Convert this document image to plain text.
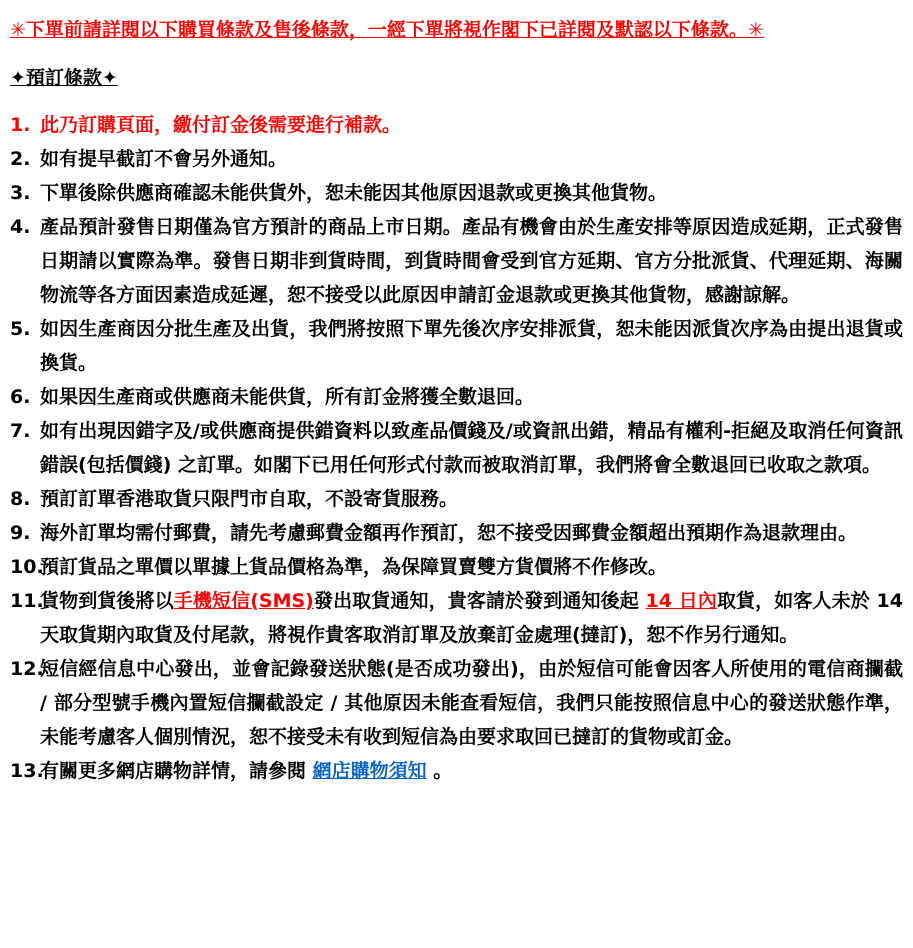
✳下單前請詳閱以下購買條款及售後條款，一經下單將視作閣下已詳閱及默認以下條款。✳
✦預訂條款✦
1. 此乃訂購頁面，繳付訂金後需要進行補款。
2. 如有提早截訂不會另外通知。
3. 下單後除供應商確認未能供貨外，恕未能因其他原因退款或更換其他貨物。
4. 產品預計發售日期僅為官方預計的商品上市日期。產品有機會由於生產安排等原因造成延期，正式發售日期請以實際為準。發售日期非到貨時間，到貨時間會受到官方延期、官方分批派貨、代理延期、海關物流等各方面因素造成延遲，恕不接受以此原因申請訂金退款或更換其他貨物，感謝諒解。
5. 如因生產商因分批生產及出貨，我們將按照下單先後次序安排派貨，恕未能因派貨次序為由提出退貨或換貨。
6. 如果因生產商或供應商未能供貨，所有訂金將獲全數退回。
7. 如有出現因錯字及/或供應商提供錯資料以致產品價錢及/或資訊出錯，精品有權利-拒絕及取消任何資訊錯誤(包括價錢) 之訂單。如閣下已用任何形式付款而被取消訂單，我們將會全數退回已收取之款項。
8. 預訂訂單香港取貨只限門市自取，不設寄貨服務。
9. 海外訂單均需付郵費，請先考慮郵費金額再作預訂，恕不接受因郵費金額超出預期作為退款理由。
10.
預訂貨品之單價以單據上貨品價格為準，為保障買賣雙方貨價將不作修改。
11.
貨物到貨後將以手機短信(SMS)發出取貨通知，貴客請於發到通知後起 14 日內取貨，如客人未於 14 天取貨期內取貨及付尾款，將視作貴客取消訂單及放棄訂金處理(撻訂)，恕不作另行通知。
12.
短信經信息中心發出，並會記錄發送狀態(是否成功發出)，由於短信可能會因客人所使用的電信商攔截 / 部分型號手機內置短信攔截設定 / 其他原因未能查看短信，我們只能按照信息中心的發送狀態作準，未能考慮客人個別情況，恕不接受未有收到短信為由要求取回已撻訂的貨物或訂金。
13.
有關更多網店購物詳情，請參閱 網店購物須知 。
